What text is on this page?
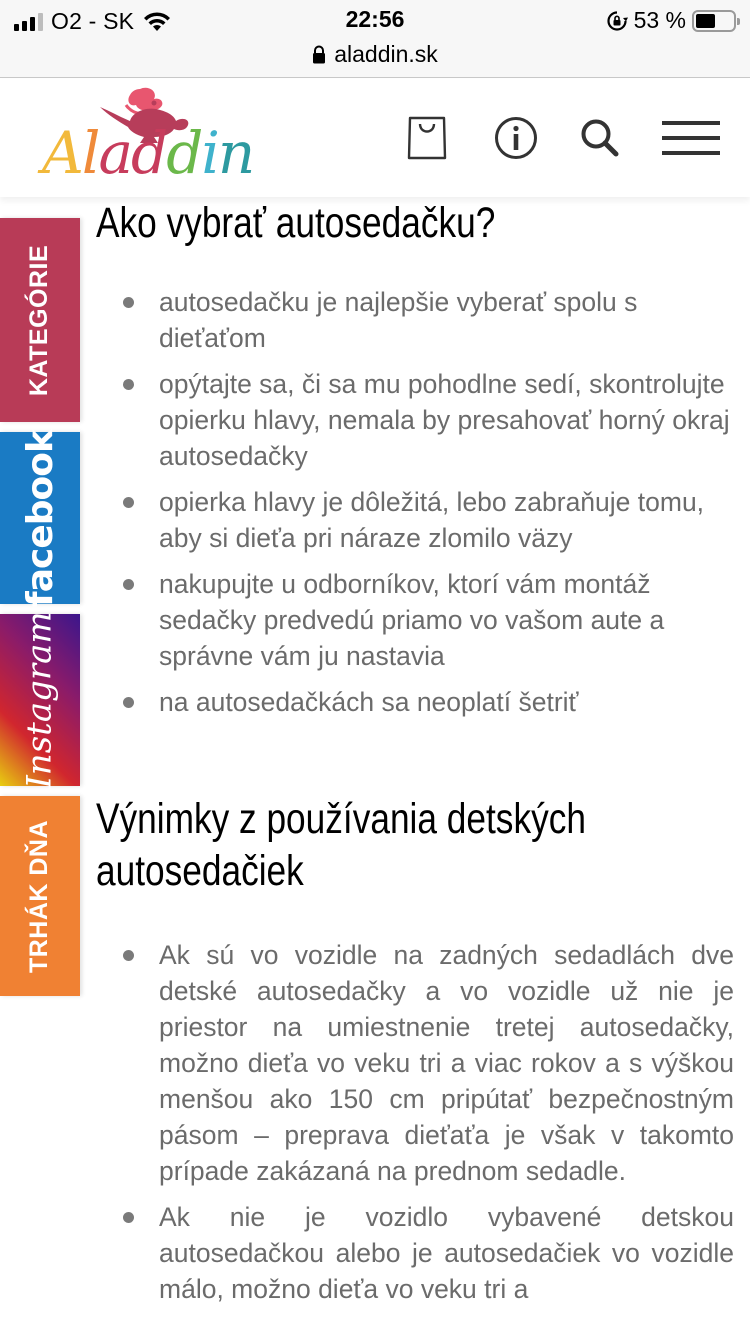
O2 - SK	22:56	53 %
aladdin.sk
Aladdin
KATEGÓRIE
facebook
Instagram
TRHÁK DŇA
Ako vybrať autosedačku?
autosedačku je najlepšie vyberať spolu s dieťaťom
opýtajte sa, či sa mu pohodlne sedí, skontrolujte opierku hlavy, nemala by presahovať horný okraj autosedačky
opierka hlavy je dôležitá, lebo zabraňuje tomu, aby si dieťa pri náraze zlomilo väzy
nakupujte u odborníkov, ktorí vám montáž sedačky predvedú priamo vo vašom aute a správne vám ju nastavia
na autosedačkách sa neoplatí šetriť
Výnimky z používania detských
autosedačiek
Ak sú vo vozidle na zadných sedadlách dve detské autosedačky a vo vozidle už nie je priestor na umiestnenie tretej autosedačky, možno dieťa vo veku tri a viac rokov a s výškou menšou ako 150 cm pripútať bezpečnostným pásom – preprava dieťaťa je však v takomto prípade zakázaná na prednom sedadle.
Ak nie je vozidlo vybavené detskou autosedačkou alebo je autosedačiek vo vozidle málo, možno dieťa vo veku tri a
